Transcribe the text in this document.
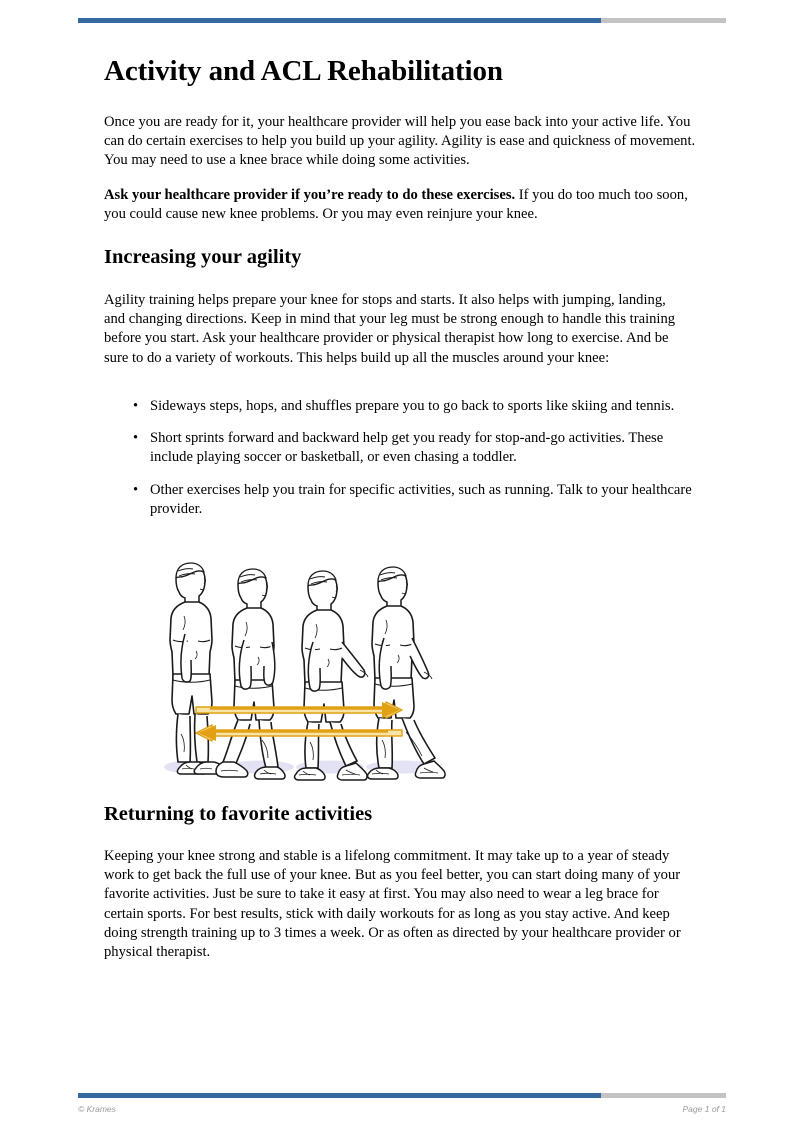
Activity and ACL Rehabilitation

Once you are ready for it, your healthcare provider will help you ease back into your active life. You can do certain exercises to help you build up your agility. Agility is ease and quickness of movement. You may need to use a knee brace while doing some activities.

Ask your healthcare provider if you’re ready to do these exercises. If you do too much too soon, you could cause new knee problems. Or you may even reinjure your knee.

Increasing your agility

Agility training helps prepare your knee for stops and starts. It also helps with jumping, landing, and changing directions. Keep in mind that your leg must be strong enough to handle this training before you start. Ask your healthcare provider or physical therapist how long to exercise. And be sure to do a variety of workouts. This helps build up all the muscles around your knee:

• Sideways steps, hops, and shuffles prepare you to go back to sports like skiing and tennis.
• Short sprints forward and backward help get you ready for stop-and-go activities. These include playing soccer or basketball, or even chasing a toddler.
• Other exercises help you train for specific activities, such as running. Talk to your healthcare provider.
Returning to favorite activities

Keeping your knee strong and stable is a lifelong commitment. It may take up to a year of steady work to get back the full use of your knee. But as you feel better, you can start doing many of your favorite activities. Just be sure to take it easy at first. You may also need to wear a leg brace for certain sports. For best results, stick with daily workouts for as long as you stay active. And keep doing strength training up to 3 times a week. Or as often as directed by your healthcare provider or physical therapist.

© Krames	Page 1 of 1
